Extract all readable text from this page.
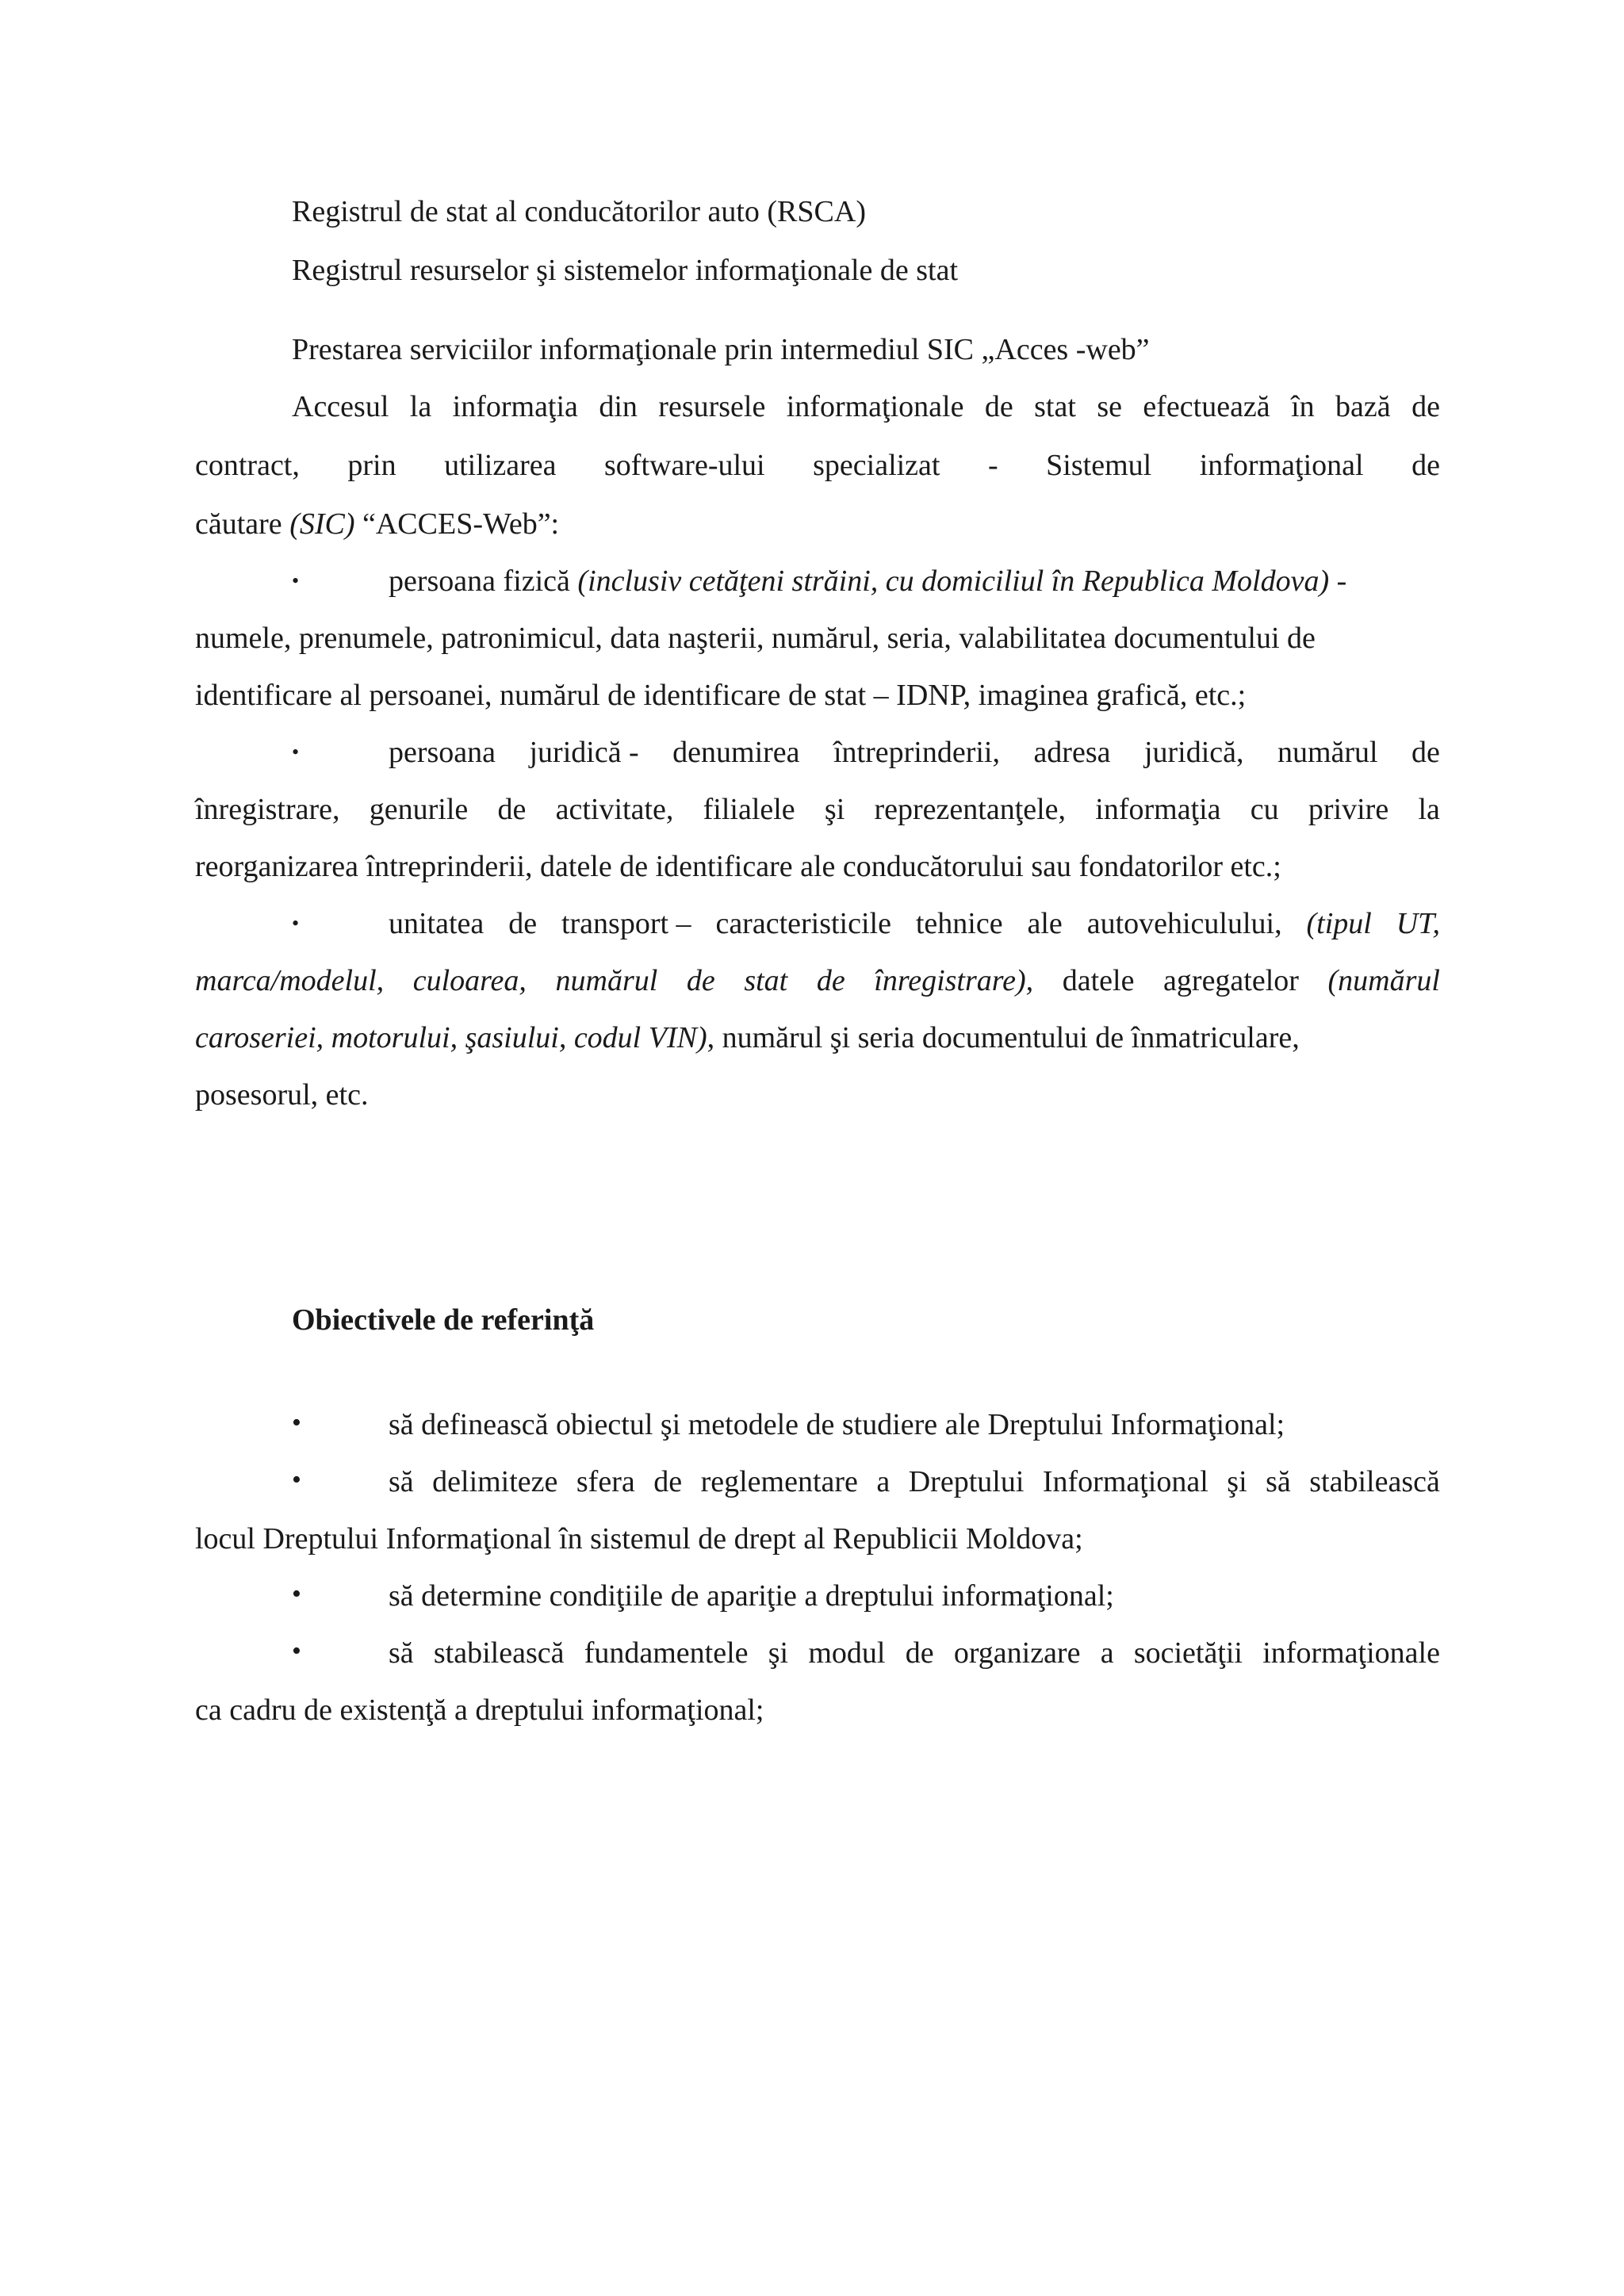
Registrul de stat al conducătorilor auto (RSCA)
Registrul resurselor şi sistemelor informaţionale de stat
Prestarea serviciilor informaţionale prin intermediul SIC „Acces -web”
Accesul la informaţia din resursele informaţionale de stat se efectuează în bază de
contract, prin utilizarea software-ului specializat - Sistemul informaţional de
căutare (SIC) “ACCES-Web”:
•	persoana fizică (inclusiv cetăţeni străini, cu domiciliul în Republica Moldova) -
numele, prenumele, patronimicul, data naşterii, numărul, seria, valabilitatea documentului de
identificare al persoanei, numărul de identificare de stat – IDNP, imaginea grafică, etc.;
•	persoana juridică - denumirea întreprinderii, adresa juridică, numărul de
înregistrare, genurile de activitate, filialele şi reprezentanţele, informaţia cu privire la
reorganizarea întreprinderii, datele de identificare ale conducătorului sau fondatorilor etc.;
•	unitatea de transport – caracteristicile tehnice ale autovehiculului, (tipul UT,
marca/modelul, culoarea, numărul de stat de înregistrare), datele agregatelor (numărul
caroseriei, motorului, şasiului, codul VIN), numărul şi seria documentului de înmatriculare,
posesorul, etc.
Obiectivele de referinţă
•	să definească obiectul şi metodele de studiere ale Dreptului Informaţional;
•	să delimiteze sfera de reglementare a Dreptului Informaţional şi să stabilească
locul Dreptului Informaţional în sistemul de drept al Republicii Moldova;
•	să determine condiţiile de apariţie a dreptului informaţional;
•	să stabilească fundamentele şi modul de organizare a societăţii informaţionale
ca cadru de existenţă a dreptului informaţional;
